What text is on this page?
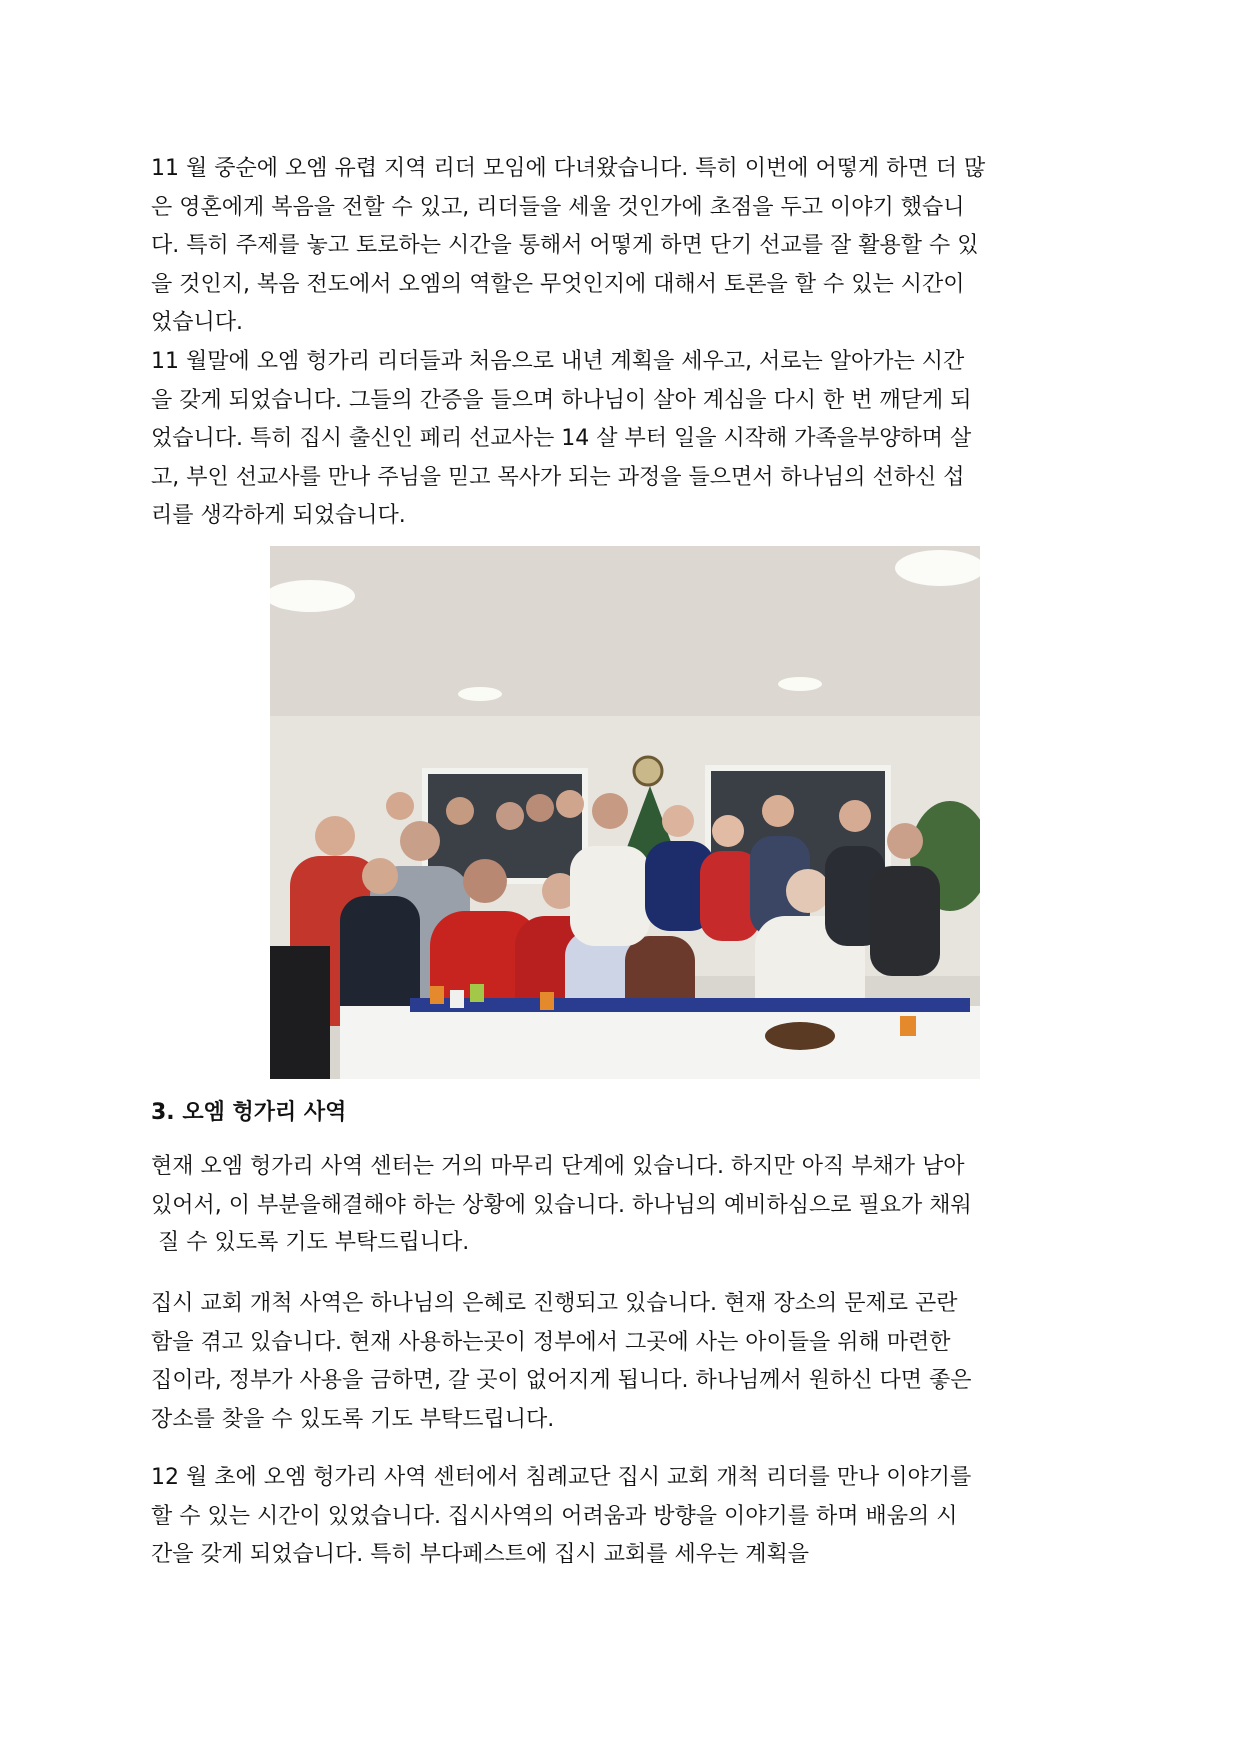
11 월 중순에 오엠 유렵 지역 리더 모임에 다녀왔습니다. 특히 이번에 어떻게 하면 더 많
은 영혼에게 복음을 전할 수 있고, 리더들을 세울 것인가에 초점을 두고 이야기 했습니
다. 특히 주제를 놓고 토로하는 시간을 통해서 어떻게 하면 단기 선교를 잘 활용할 수 있
을 것인지, 복음 전도에서 오엠의 역할은 무엇인지에 대해서 토론을 할 수 있는 시간이
었습니다.
11 월말에 오엠 헝가리 리더들과 처음으로 내년 계획을 세우고, 서로는 알아가는 시간
을 갖게 되었습니다. 그들의 간증을 들으며 하나님이 살아 계심을 다시 한 번 깨닫게 되
었습니다. 특히 집시 출신인 페리 선교사는 14 살 부터 일을 시작해 가족을부양하며 살
고, 부인 선교사를 만나 주님을 믿고 목사가 되는 과정을 들으면서 하나님의 선하신 섭
리를 생각하게 되었습니다.
3. 오엠 헝가리 사역
현재 오엠 헝가리 사역 센터는 거의 마무리 단계에 있습니다. 하지만 아직 부채가 남아
있어서, 이 부분을해결해야 하는 상황에 있습니다. 하나님의 예비하심으로 필요가 채워
질 수 있도록 기도 부탁드립니다.
집시 교회 개척 사역은 하나님의 은혜로 진행되고 있습니다. 현재 장소의 문제로 곤란
함을 겪고 있습니다. 현재 사용하는곳이 정부에서 그곳에 사는 아이들을 위해 마련한
집이라, 정부가 사용을 금하면, 갈 곳이 없어지게 됩니다. 하나님께서 원하신 다면 좋은
장소를 찾을 수 있도록 기도 부탁드립니다.
12 월 초에 오엠 헝가리 사역 센터에서 침례교단 집시 교회 개척 리더를 만나 이야기를
할 수 있는 시간이 있었습니다. 집시사역의 어려움과 방향을 이야기를 하며 배움의 시
간을 갖게 되었습니다. 특히 부다페스트에 집시 교회를 세우는 계획을
